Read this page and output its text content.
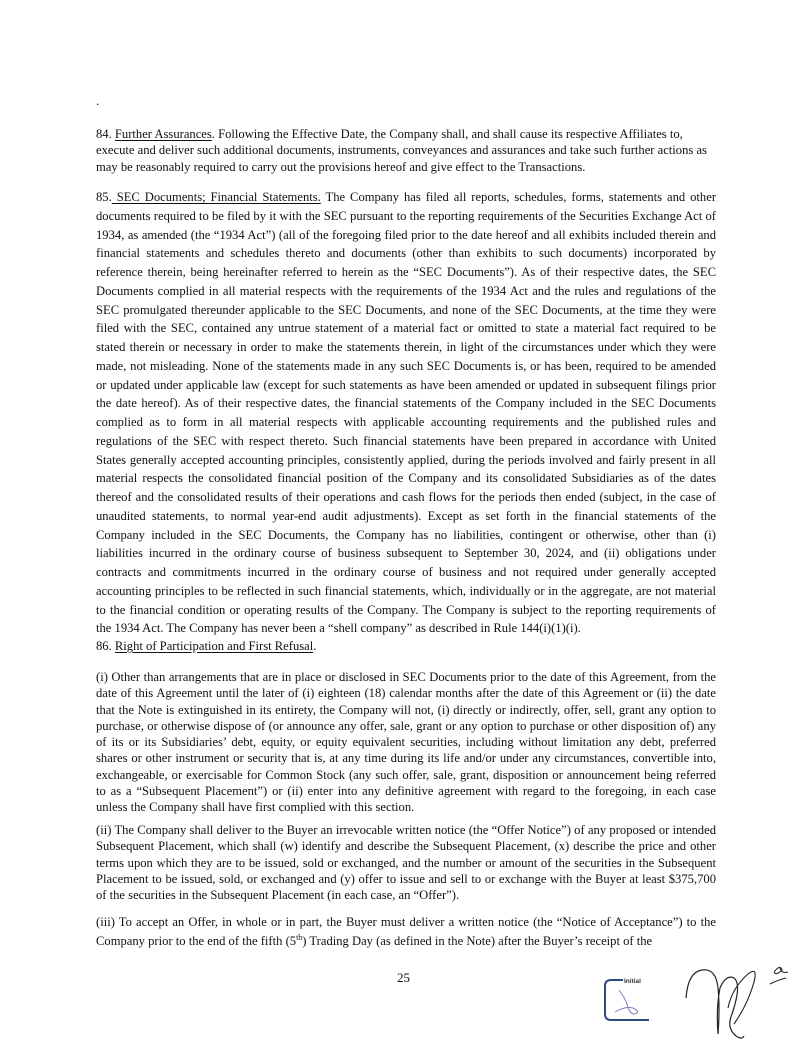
.

84. Further Assurances. Following the Effective Date, the Company shall, and shall cause its respective Affiliates to, execute and deliver such additional documents, instruments, conveyances and assurances and take such further actions as may be reasonably required to carry out the provisions hereof and give effect to the Transactions.

85. SEC Documents; Financial Statements. The Company has filed all reports, schedules, forms, statements and other documents required to be filed by it with the SEC pursuant to the reporting requirements of the Securities Exchange Act of 1934, as amended (the “1934 Act”) (all of the foregoing filed prior to the date hereof and all exhibits included therein and financial statements and schedules thereto and documents (other than exhibits to such documents) incorporated by reference therein, being hereinafter referred to herein as the “SEC Documents”). As of their respective dates, the SEC Documents complied in all material respects with the requirements of the 1934 Act and the rules and regulations of the SEC promulgated thereunder applicable to the SEC Documents, and none of the SEC Documents, at the time they were filed with the SEC, contained any untrue statement of a material fact or omitted to state a material fact required to be stated therein or necessary in order to make the statements therein, in light of the circumstances under which they were made, not misleading. None of the statements made in any such SEC Documents is, or has been, required to be amended or updated under applicable law (except for such statements as have been amended or updated in subsequent filings prior the date hereof). As of their respective dates, the financial statements of the Company included in the SEC Documents complied as to form in all material respects with applicable accounting requirements and the published rules and regulations of the SEC with respect thereto. Such financial statements have been prepared in accordance with United States generally accepted accounting principles, consistently applied, during the periods involved and fairly present in all material respects the consolidated financial position of the Company and its consolidated Subsidiaries as of the dates thereof and the consolidated results of their operations and cash flows for the periods then ended (subject, in the case of unaudited statements, to normal year-end audit adjustments). Except as set forth in the financial statements of the Company included in the SEC Documents, the Company has no liabilities, contingent or otherwise, other than (i) liabilities incurred in the ordinary course of business subsequent to September 30, 2024, and (ii) obligations under contracts and commitments incurred in the ordinary course of business and not required under generally accepted accounting principles to be reflected in such financial statements, which, individually or in the aggregate, are not material to the financial condition or operating results of the Company. The Company is subject to the reporting requirements of the 1934 Act. The Company has never been a “shell company” as described in Rule 144(i)(1)(i).

86. Right of Participation and First Refusal.

(i) Other than arrangements that are in place or disclosed in SEC Documents prior to the date of this Agreement, from the date of this Agreement until the later of (i) eighteen (18) calendar months after the date of this Agreement or (ii) the date that the Note is extinguished in its entirety, the Company will not, (i) directly or indirectly, offer, sell, grant any option to purchase, or otherwise dispose of (or announce any offer, sale, grant or any option to purchase or other disposition of) any of its or its Subsidiaries’ debt, equity, or equity equivalent securities, including without limitation any debt, preferred shares or other instrument or security that is, at any time during its life and/or under any circumstances, convertible into, exchangeable, or exercisable for Common Stock (any such offer, sale, grant, disposition or announcement being referred to as a “Subsequent Placement”) or (ii) enter into any definitive agreement with regard to the foregoing, in each case unless the Company shall have first complied with this section.

(ii) The Company shall deliver to the Buyer an irrevocable written notice (the “Offer Notice”) of any proposed or intended Subsequent Placement, which shall (w) identify and describe the Subsequent Placement, (x) describe the price and other terms upon which they are to be issued, sold or exchanged, and the number or amount of the securities in the Subsequent Placement to be issued, sold, or exchanged and (y) offer to issue and sell to or exchange with the Buyer at least $375,700 of the securities in the Subsequent Placement (in each case, an “Offer”).

(iii) To accept an Offer, in whole or in part, the Buyer must deliver a written notice (the “Notice of Acceptance”) to the Company prior to the end of the fifth (5th) Trading Day (as defined in the Note) after the Buyer’s receipt of the

25	Initial
